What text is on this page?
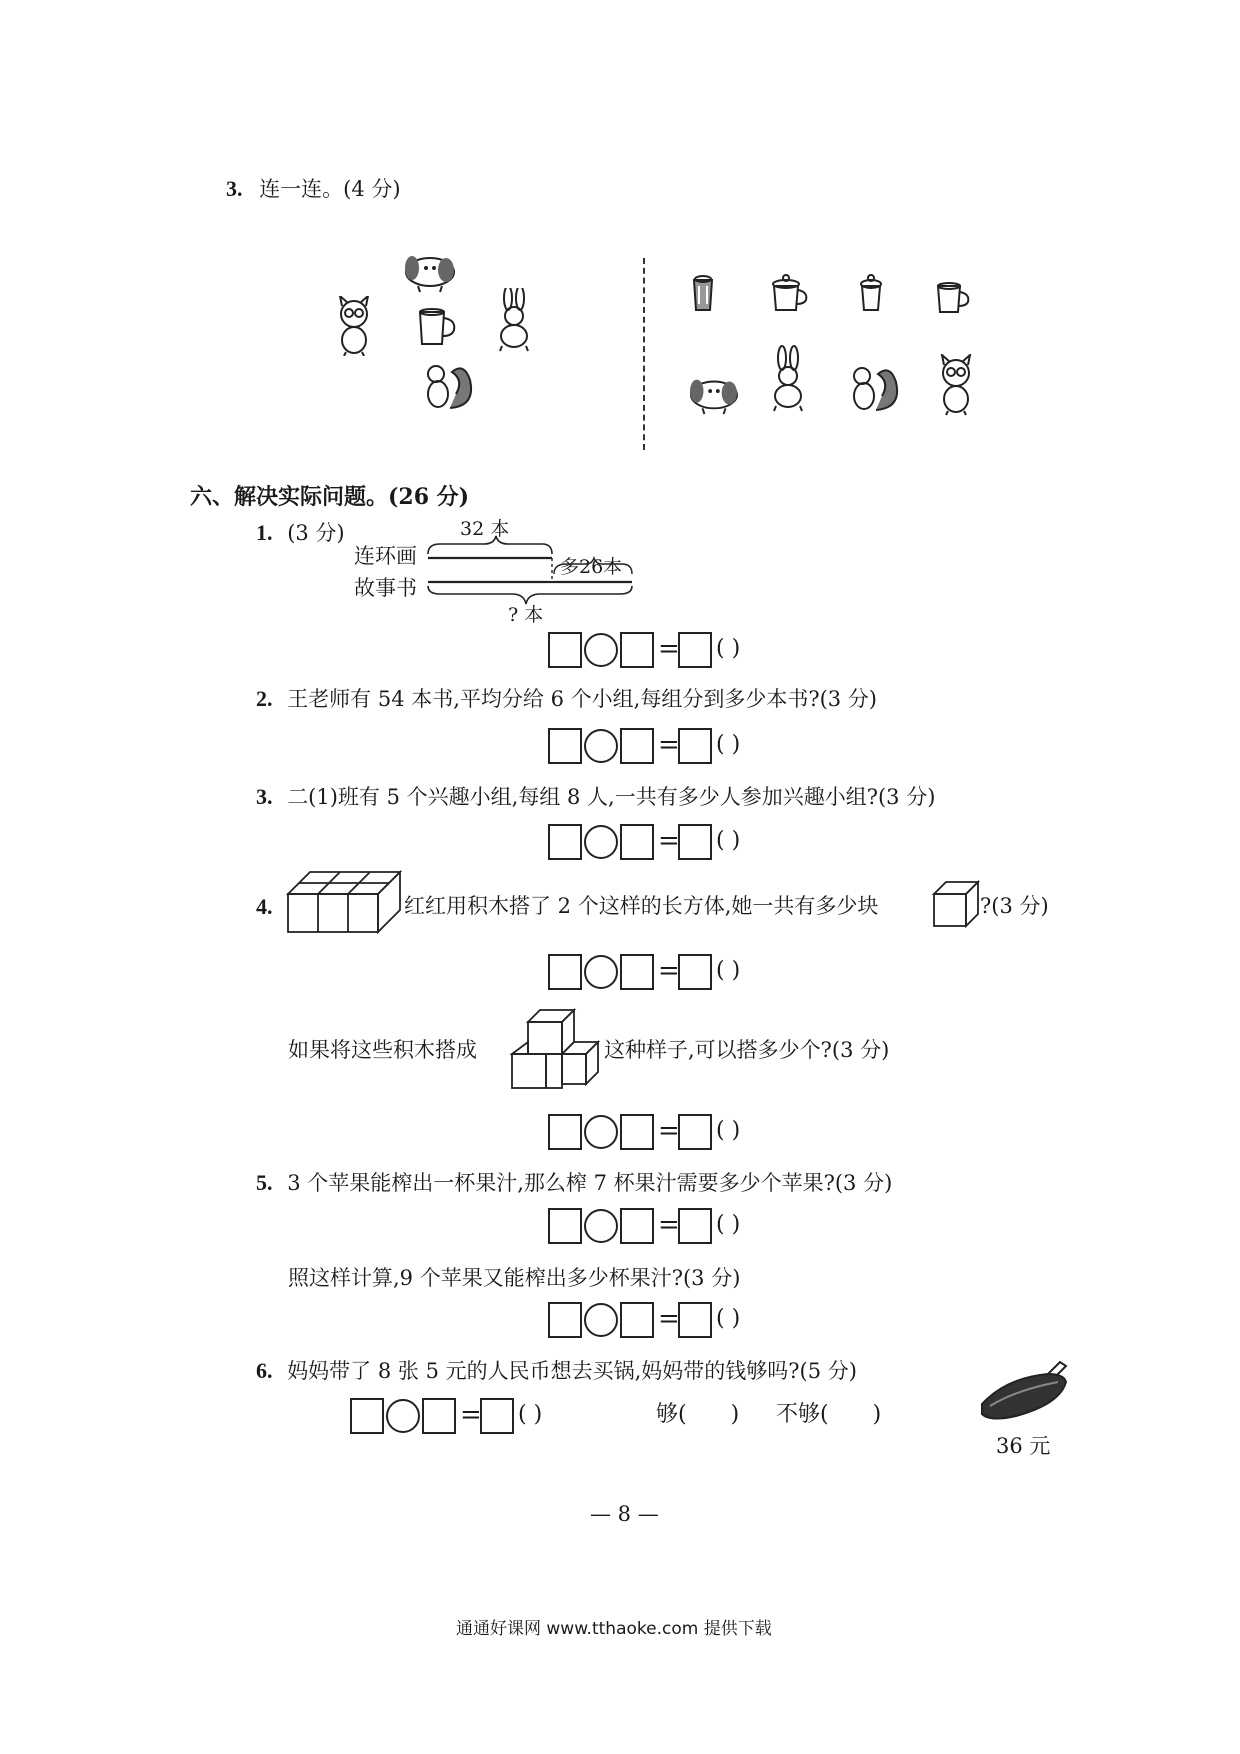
3. 连一连。(4 分)
六、解决实际问题。(26 分)
1. (3 分)	32 本
连环画
故事书
多26本
? 本
= ( )
2. 王老师有 54 本书,平均分给 6 个小组,每组分到多少本书?(3 分)
= ( )
3. 二(1)班有 5 个兴趣小组,每组 8 人,一共有多少人参加兴趣小组?(3 分)
= ( )
4.	红红用积木搭了 2 个这样的长方体,她一共有多少块	?(3 分)
= ( )
如果将这些积木搭成	这种样子,可以搭多少个?(3 分)
= ( )
5. 3 个苹果能榨出一杯果汁,那么榨 7 杯果汁需要多少个苹果?(3 分)
= ( )
照这样计算,9 个苹果又能榨出多少杯果汁?(3 分)
= ( )
6. 妈妈带了 8 张 5 元的人民币想去买锅,妈妈带的钱够吗?(5 分)
= ( )	够( ) 不够( )
36 元
— 8 —
通通好课网 www.tthaoke.com 提供下载
